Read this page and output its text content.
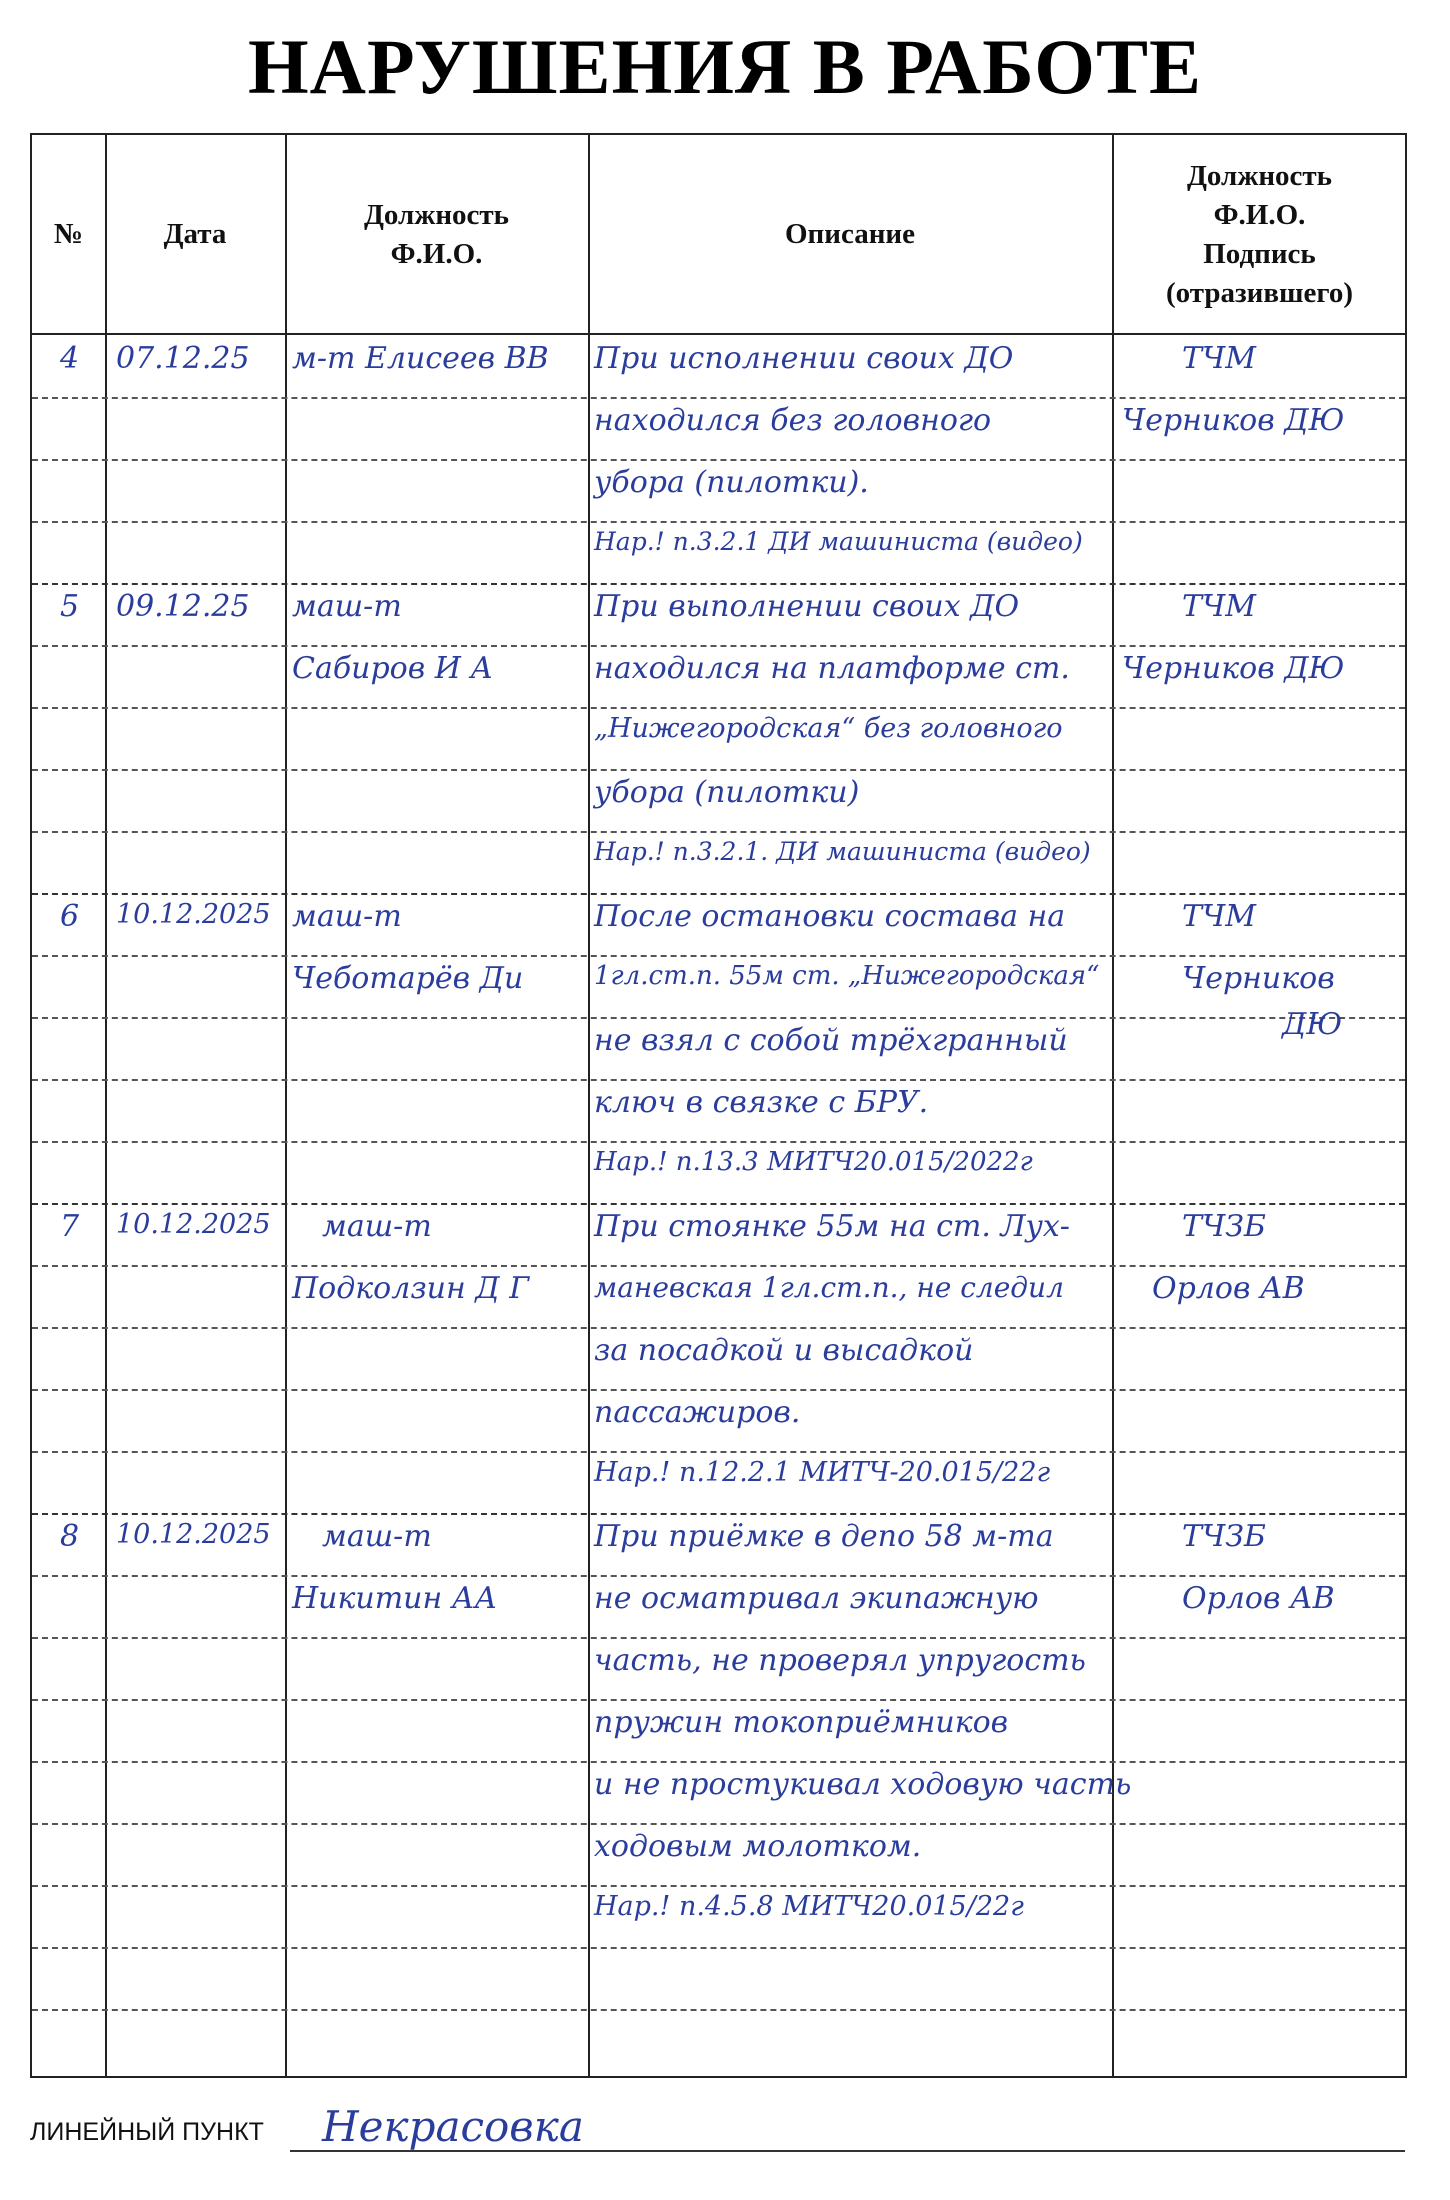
НАРУШЕНИЯ В РАБОТЕ
№	Дата
Должность
Ф.И.О.
Описание
Должность
Ф.И.О.
Подпись
(отразившего)
4 07.12.25 м-т Елисеев ВВ При исполнении своих ДО
находился без головного
убора (пилотки).
Нар.! п.3.2.1 ДИ машиниста (видео)
ТЧМ
Черников ДЮ
5 09.12.25 маш-т
Сабиров И А
При выполнении своих ДО
находился на платформе ст.
„Нижегородская“ без головного
убора (пилотки)
Нар.! п.3.2.1. ДИ машиниста (видео)
ТЧМ
Черников ДЮ
6 10.12.2025 маш-т
Чеботарёв Ди
После остановки состава на
1гл.ст.п. 55м ст. „Нижегородская“
не взял с собой трёхгранный
ключ в связке с БРУ.
Нар.! п.13.3 МИТЧ20.015/2022г
ТЧМ
Черников
ДЮ
7 10.12.2025 маш-т
Подколзин Д Г
При стоянке 55м на ст. Лух-
маневская 1гл.ст.п., не следил
за посадкой и высадкой
пассажиров.
Нар.! п.12.2.1 МИТЧ-20.015/22г
ТЧЗБ
Орлов АВ
8 10.12.2025 маш-т
Никитин АА
При приёмке в депо 58 м-та
не осматривал экипажную
часть, не проверял упругость
пружин токоприёмников
и не простукивал ходовую часть
ходовым молотком.
Нар.! п.4.5.8 МИТЧ20.015/22г
ТЧЗБ
Орлов АВ
ЛИНЕЙНЫЙ ПУНКТ Некрасовка
